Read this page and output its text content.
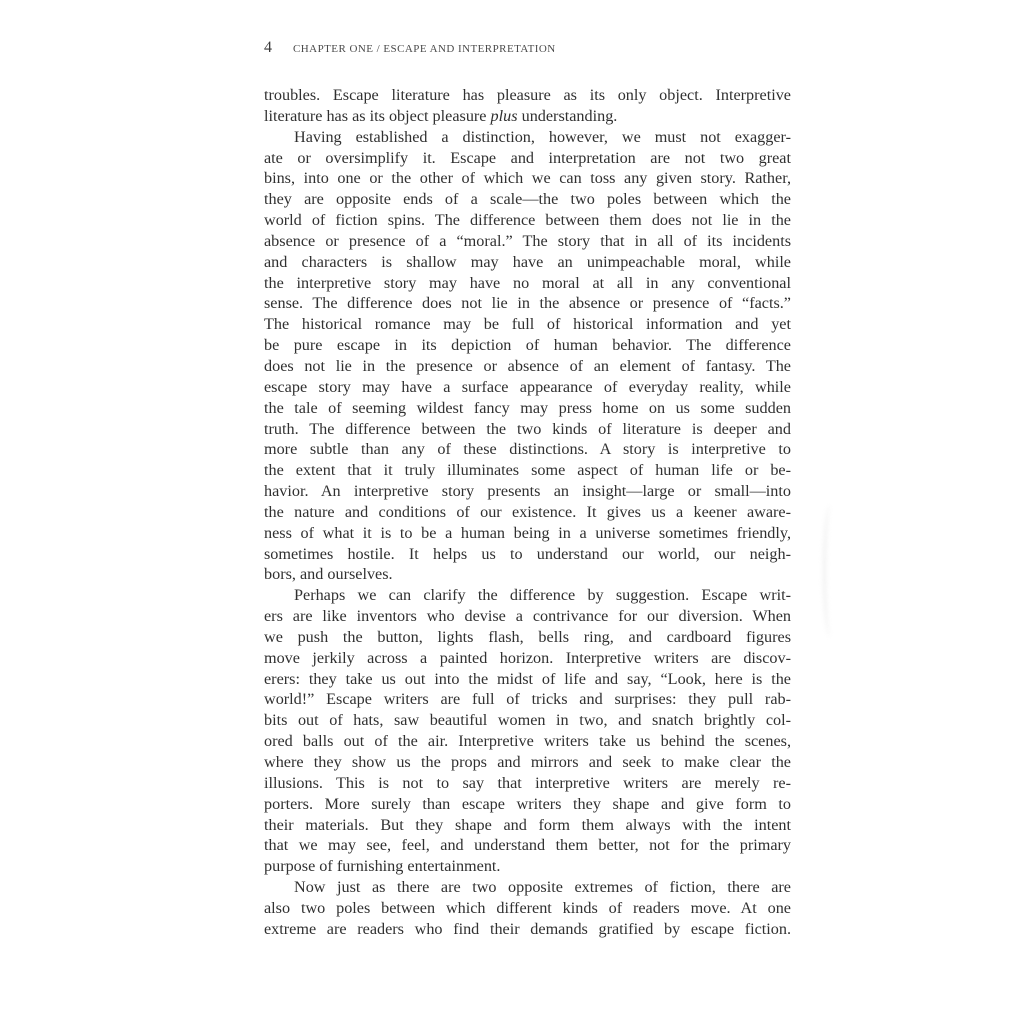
4 CHAPTER ONE / ESCAPE AND INTERPRETATION
troubles. Escape literature has pleasure as its only object. Interpretive
literature has as its object pleasure plus understanding.
Having established a distinction, however, we must not exagger-
ate or oversimplify it. Escape and interpretation are not two great
bins, into one or the other of which we can toss any given story. Rather,
they are opposite ends of a scale—the two poles between which the
world of fiction spins. The difference between them does not lie in the
absence or presence of a “moral.” The story that in all of its incidents
and characters is shallow may have an unimpeachable moral, while
the interpretive story may have no moral at all in any conventional
sense. The difference does not lie in the absence or presence of “facts.”
The historical romance may be full of historical information and yet
be pure escape in its depiction of human behavior. The difference
does not lie in the presence or absence of an element of fantasy. The
escape story may have a surface appearance of everyday reality, while
the tale of seeming wildest fancy may press home on us some sudden
truth. The difference between the two kinds of literature is deeper and
more subtle than any of these distinctions. A story is interpretive to
the extent that it truly illuminates some aspect of human life or be-
havior. An interpretive story presents an insight—large or small—into
the nature and conditions of our existence. It gives us a keener aware-
ness of what it is to be a human being in a universe sometimes friendly,
sometimes hostile. It helps us to understand our world, our neigh-
bors, and ourselves.
Perhaps we can clarify the difference by suggestion. Escape writ-
ers are like inventors who devise a contrivance for our diversion. When
we push the button, lights flash, bells ring, and cardboard figures
move jerkily across a painted horizon. Interpretive writers are discov-
erers: they take us out into the midst of life and say, “Look, here is the
world!” Escape writers are full of tricks and surprises: they pull rab-
bits out of hats, saw beautiful women in two, and snatch brightly col-
ored balls out of the air. Interpretive writers take us behind the scenes,
where they show us the props and mirrors and seek to make clear the
illusions. This is not to say that interpretive writers are merely re-
porters. More surely than escape writers they shape and give form to
their materials. But they shape and form them always with the intent
that we may see, feel, and understand them better, not for the primary
purpose of furnishing entertainment.
Now just as there are two opposite extremes of fiction, there are
also two poles between which different kinds of readers move. At one
extreme are readers who find their demands gratified by escape fiction.
